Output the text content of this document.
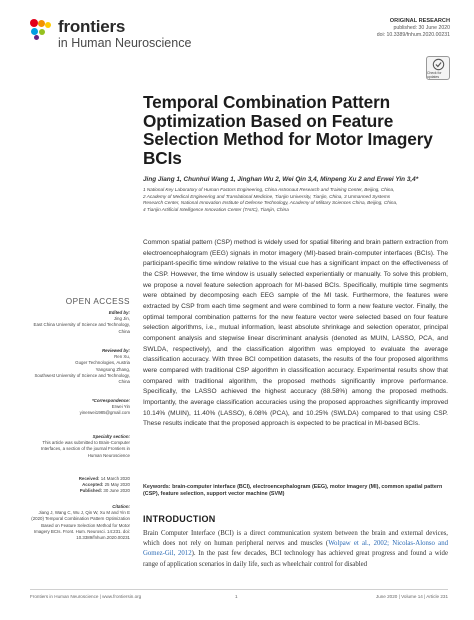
frontiers
in Human Neuroscience
ORIGINAL RESEARCH
published: 30 June 2020
doi: 10.3389/fnhum.2020.00231
Check for updates
Temporal Combination Pattern Optimization Based on Feature Selection Method for Motor Imagery BCIs
Jing Jiang 1, Chunhui Wang 1, Jinghan Wu 2, Wei Qin 3,4, Minpeng Xu 2 and Erwei Yin 3,4*
1 National Key Laboratory of Human Factors Engineering, China Astronaut Research and Training Center, Beijing, China,
2 Academy of Medical Engineering and Translational Medicine, Tianjin University, Tianjin, China, 3 Unmanned Systems
Research Center, National Innovation Institute of Defense Technology, Academy of Military Sciences China, Beijing, China,
4 Tianjin Artificial Intelligence Innovation Center (TAIIC), Tianjin, China

Common spatial pattern (CSP) method is widely used for spatial filtering and brain pattern extraction from electroencephalogram (EEG) signals in motor imagery (MI)-based brain-computer interfaces (BCIs). The participant-specific time window relative to the visual cue has a significant impact on the effectiveness of the CSP. However, the time window is usually selected experientially or manually. To solve this problem, we propose a novel feature selection approach for MI-based BCIs. Specifically, multiple time segments were obtained by decomposing each EEG sample of the MI task. Furthermore, the features were extracted by CSP from each time segment and were combined to form a new feature vector. Finally, the optimal temporal combination patterns for the new feature vector were selected based on four feature selection algorithms, i.e., mutual information, least absolute shrinkage and selection operator, principal component analysis and stepwise linear discriminant analysis (denoted as MUIN, LASSO, PCA, and SWLDA, respectively), and the classification algorithm was employed to evaluate the average classification accuracy. With three BCI competition datasets, the results of the four proposed algorithms were compared with traditional CSP algorithm in classification accuracy. Experimental results show that compared with traditional algorithm, the proposed methods significantly improve performance. Specifically, the LASSO achieved the highest accuracy (88.58%) among the proposed methods. Importantly, the average classification accuracies using the proposed approaches significantly improved 10.14% (MUIN), 11.40% (LASSO), 6.08% (PCA), and 10.25% (SWLDA) compared to that using CSP. These results indicate that the proposed approach is expected to be practical in MI-based BCIs.

Keywords: brain-computer interface (BCI), electroencephalogram (EEG), motor imagery (MI), common spatial pattern (CSP), feature selection, support vector machine (SVM)
OPEN ACCESS
Edited by:
Jing Jin,
East China University of Science and Technology, China
Reviewed by:
Ren Xu,
Guger Technologies, Austria
Yangsong Zhang,
Southwest University of Science and Technology, China
*Correspondence:
Erwei Yin
yinerwei1985@gmail.com
Specialty section:
This article was submitted to Brain-Computer Interfaces, a section of the journal Frontiers in Human Neuroscience
Received: 14 March 2020
Accepted: 25 May 2020
Published: 30 June 2020
Citation:
Jiang J, Wang C, Wu J, Qin W, Xu M and Yin E (2020) Temporal Combination Pattern Optimization Based on Feature Selection Method for Motor Imagery BCIs. Front. Hum. Neurosci. 14:231. doi: 10.3389/fnhum.2020.00231
INTRODUCTION

Brain Computer Interface (BCI) is a direct communication system between the brain and external devices, which does not rely on human peripheral nerves and muscles (Wolpaw et al., 2002; Nicolas-Alonso and Gomez-Gil, 2012). In the past few decades, BCI technology has achieved great progress and found a wide range of application scenarios in daily life, such as wheelchair control for disabled

Frontiers in Human Neuroscience | www.frontiersin.org	1	June 2020 | Volume 14 | Article 231
